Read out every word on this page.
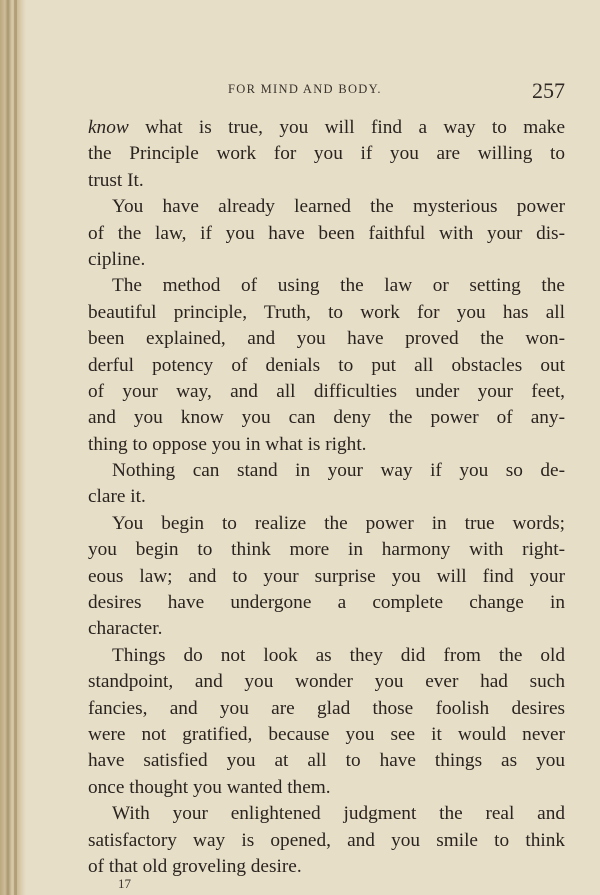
FOR MIND AND BODY.	257
know what is true, you will find a way to make
the Principle work for you if you are willing to
trust It.
You have already learned the mysterious power
of the law, if you have been faithful with your dis-
cipline.
The method of using the law or setting the
beautiful principle, Truth, to work for you has all
been explained, and you have proved the won-
derful potency of denials to put all obstacles out
of your way, and all difficulties under your feet,
and you know you can deny the power of any-
thing to oppose you in what is right.
Nothing can stand in your way if you so de-
clare it.
You begin to realize the power in true words;
you begin to think more in harmony with right-
eous law; and to your surprise you will find your
desires have undergone a complete change in
character.
Things do not look as they did from the old
standpoint, and you wonder you ever had such
fancies, and you are glad those foolish desires
were not gratified, because you see it would never
have satisfied you at all to have things as you
once thought you wanted them.
With your enlightened judgment the real and
satisfactory way is opened, and you smile to think
of that old groveling desire.
17
